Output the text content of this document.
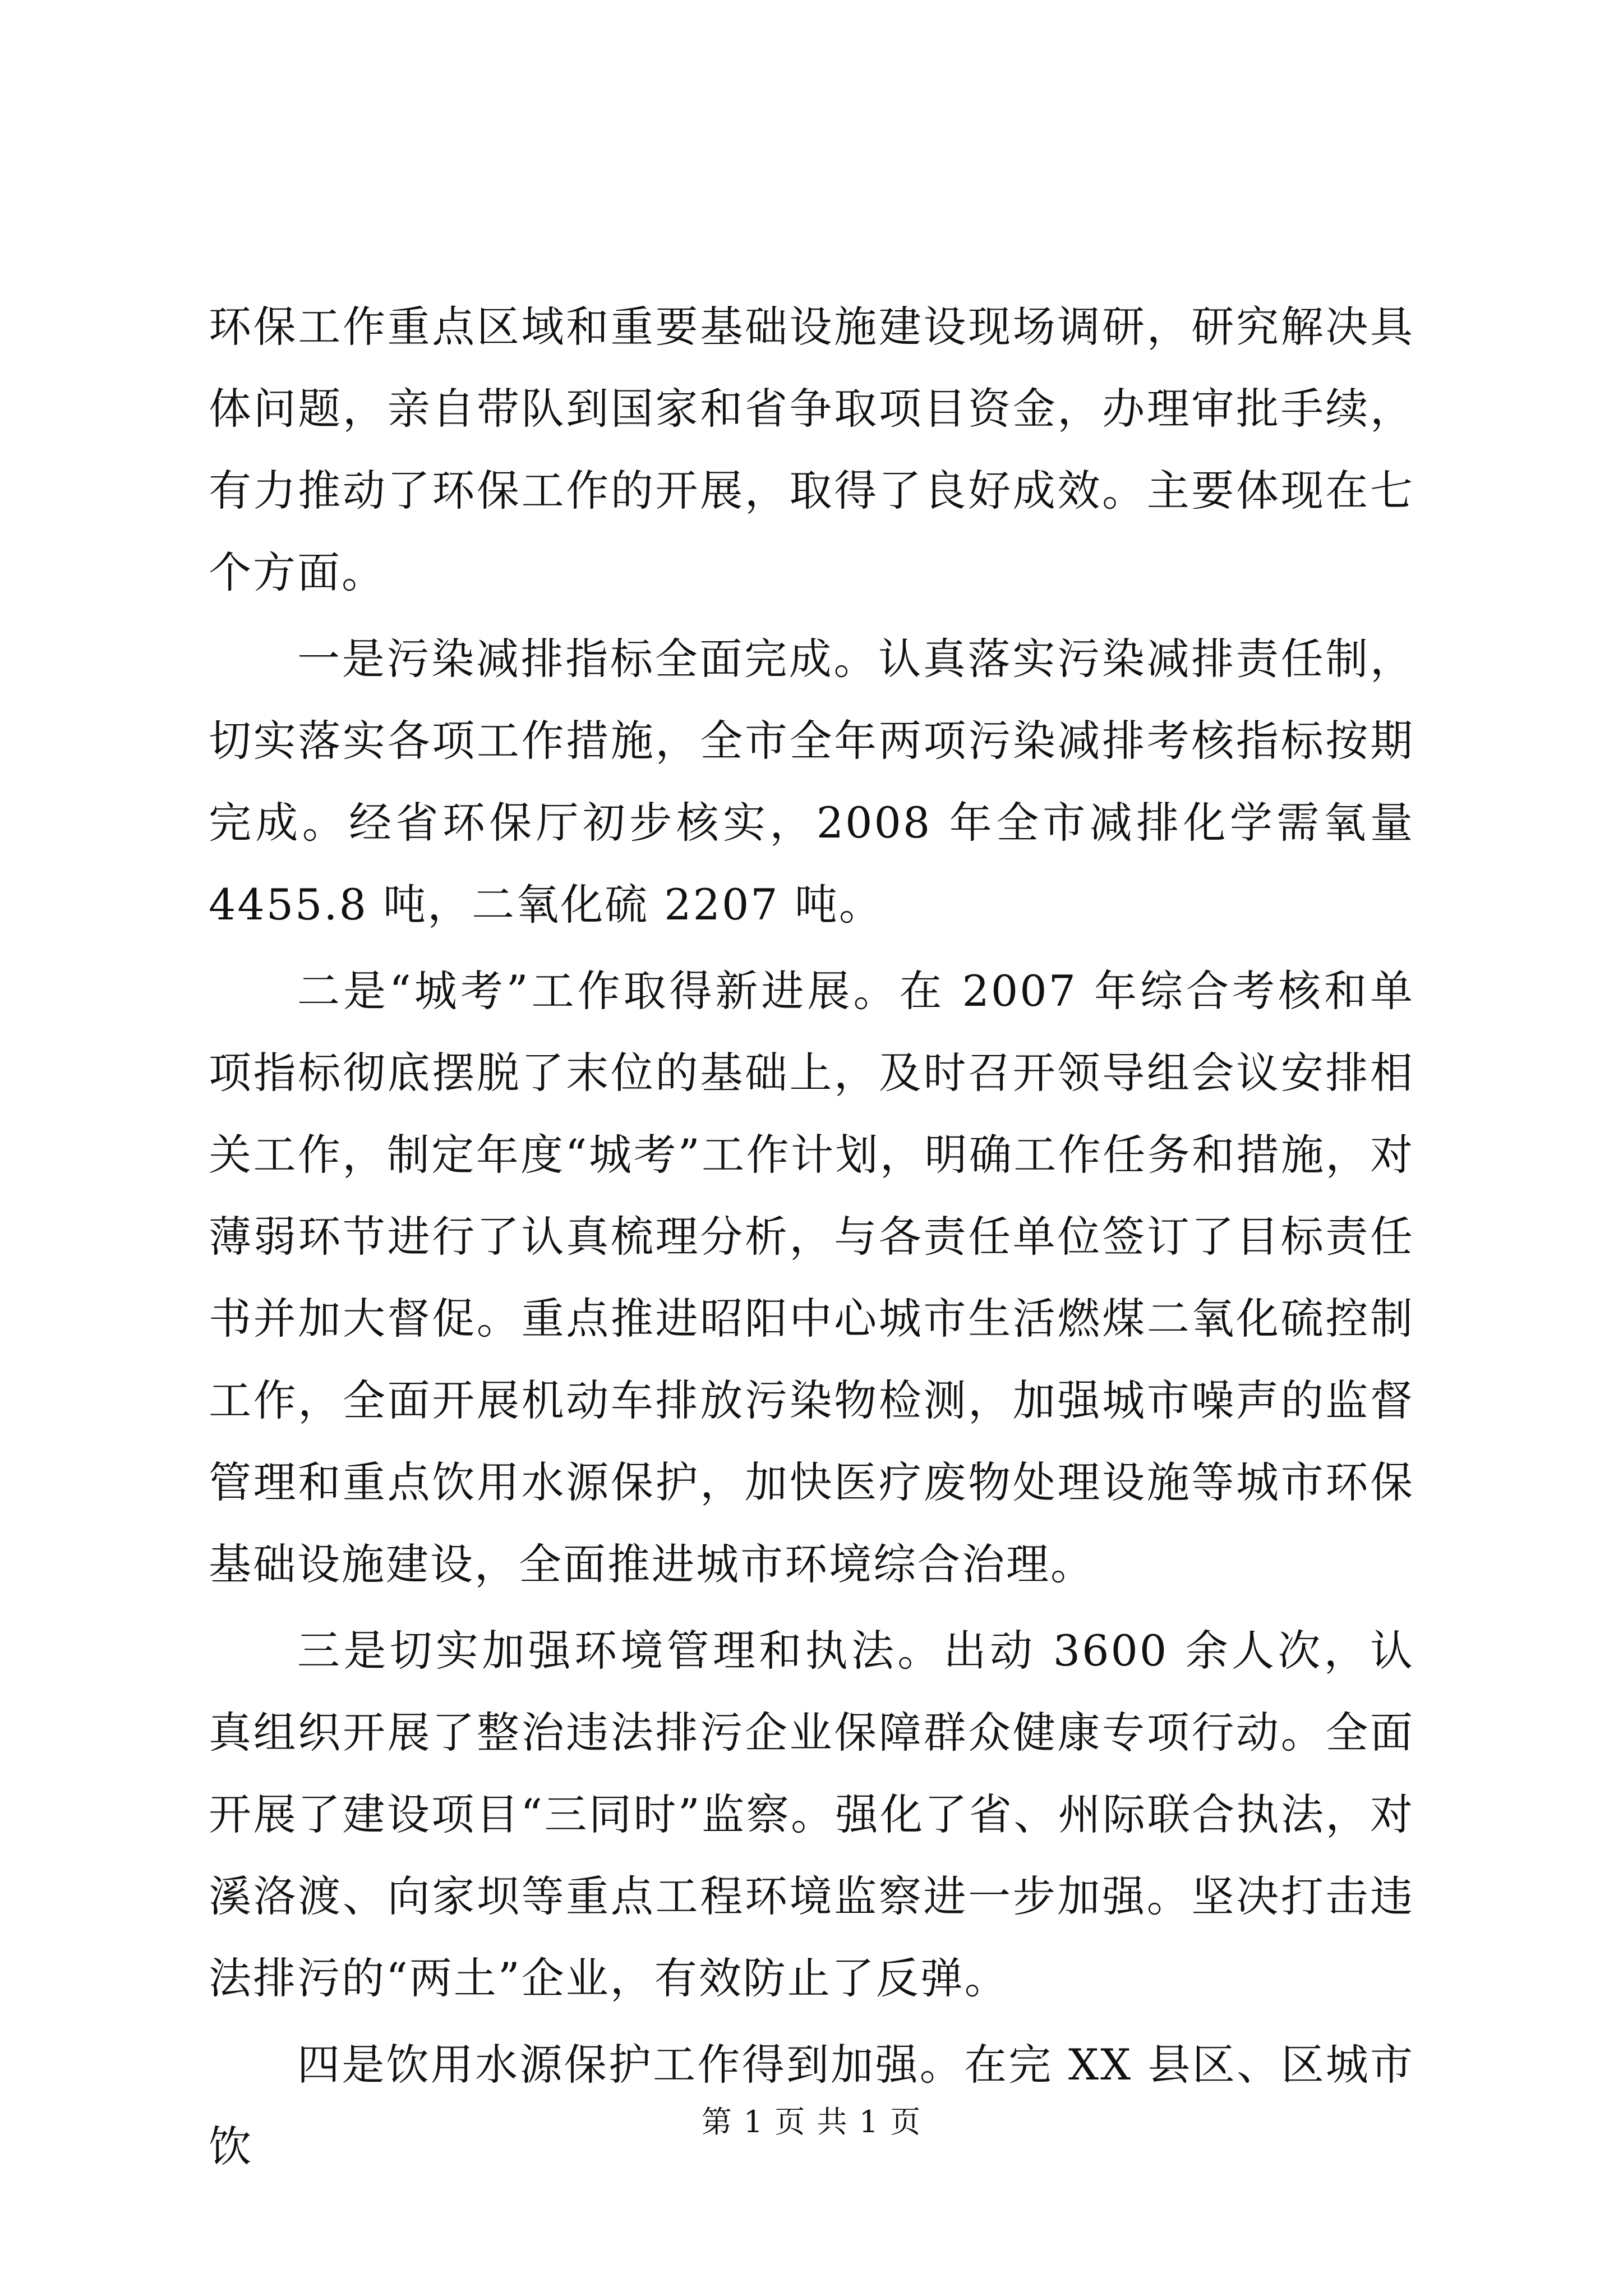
环保工作重点区域和重要基础设施建设现场调研，研究解决具体问题，亲自带队到国家和省争取项目资金，办理审批手续，有力推动了环保工作的开展，取得了良好成效。主要体现在七个方面。

一是污染减排指标全面完成。认真落实污染减排责任制，切实落实各项工作措施，全市全年两项污染减排考核指标按期完成。经省环保厅初步核实，2008 年全市减排化学需氧量 4455.8 吨，二氧化硫 2207 吨。

二是“城考”工作取得新进展。在 2007 年综合考核和单项指标彻底摆脱了末位的基础上，及时召开领导组会议安排相关工作，制定年度“城考”工作计划，明确工作任务和措施，对薄弱环节进行了认真梳理分析，与各责任单位签订了目标责任书并加大督促。重点推进昭阳中心城市生活燃煤二氧化硫控制工作，全面开展机动车排放污染物检测，加强城市噪声的监督管理和重点饮用水源保护，加快医疗废物处理设施等城市环保基础设施建设，全面推进城市环境综合治理。

三是切实加强环境管理和执法。出动 3600 余人次，认真组织开展了整治违法排污企业保障群众健康专项行动。全面开展了建设项目“三同时”监察。强化了省、州际联合执法，对溪洛渡、向家坝等重点工程环境监察进一步加强。坚决打击违法排污的“两土”企业，有效防止了反弹。

四是饮用水源保护工作得到加强。在完 XX 县区、区城市饮	第 1 页 共 1 页
